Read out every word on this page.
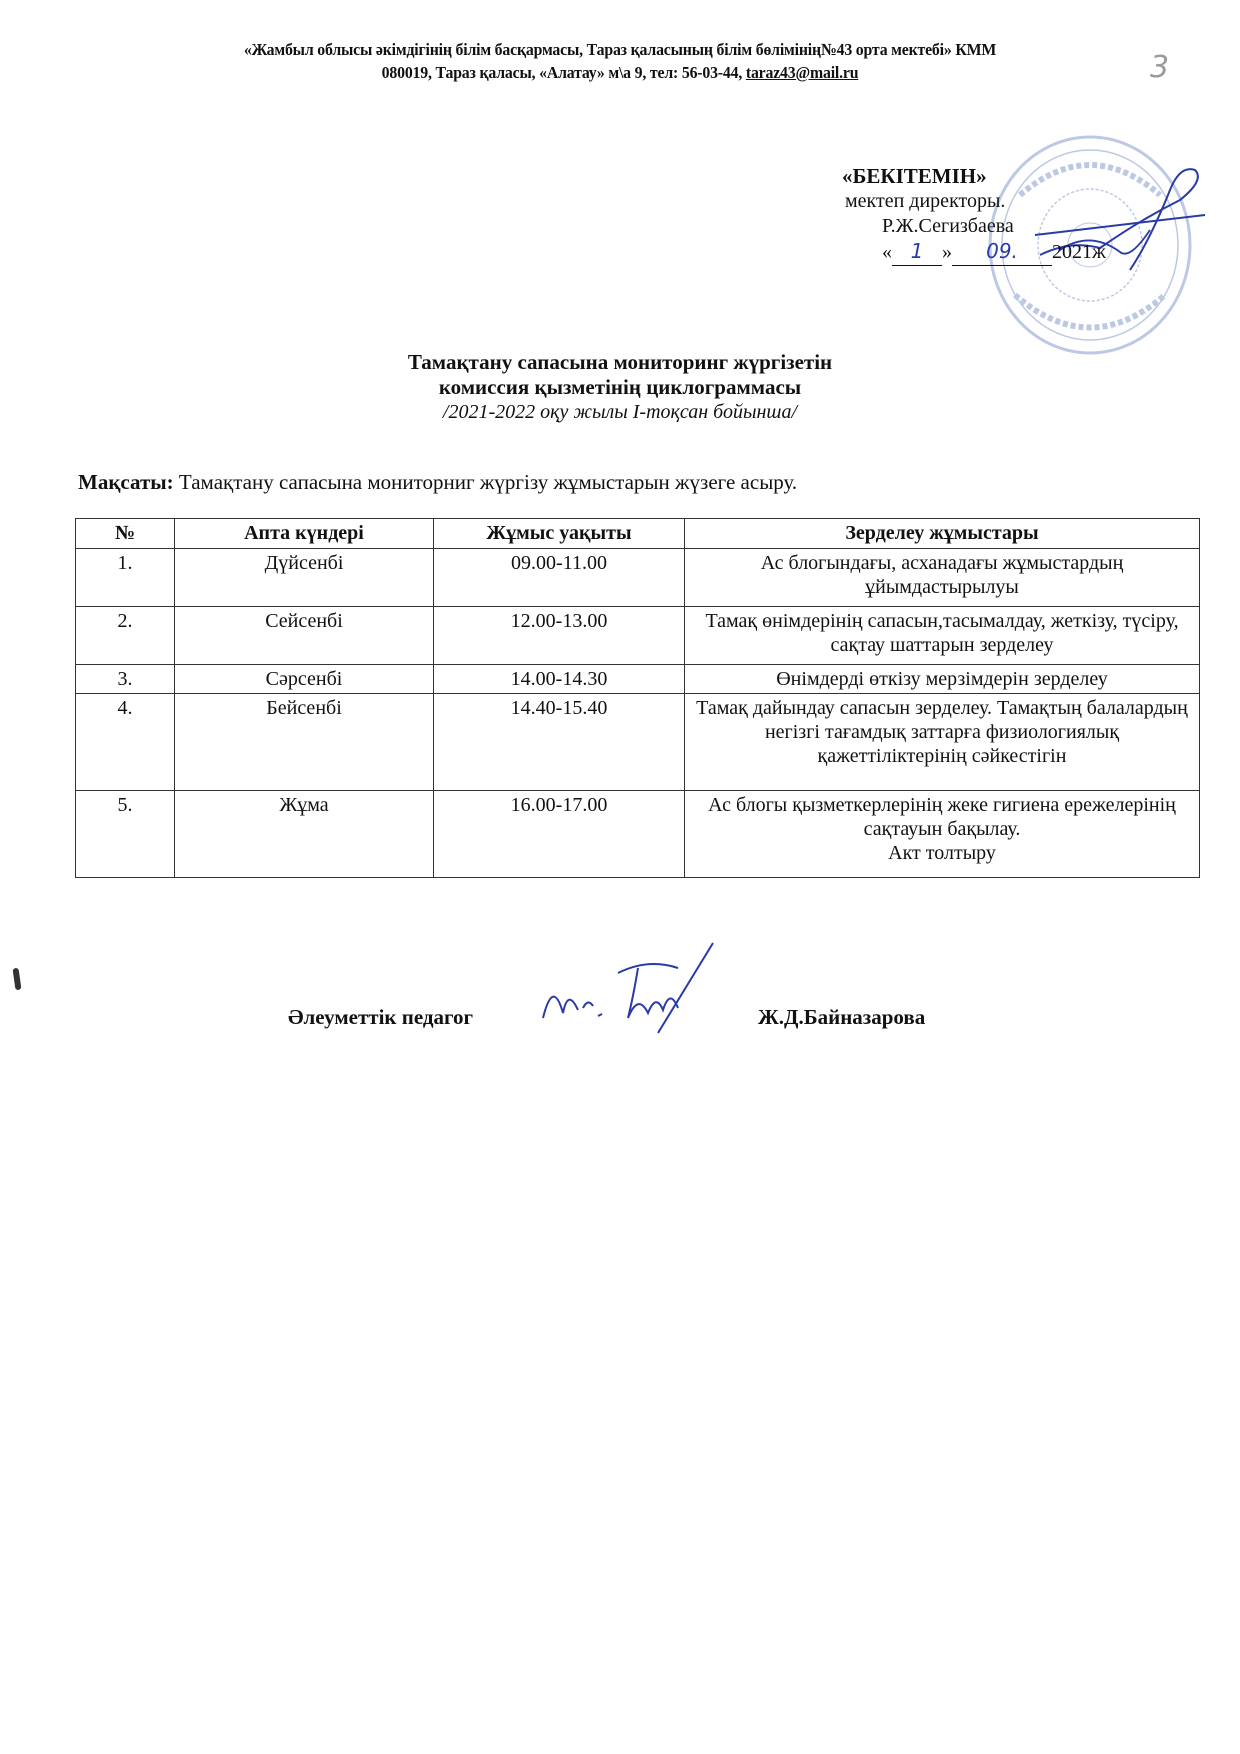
«Жамбыл облысы әкімдігінің білім басқармасы, Тараз қаласының білім бөлімінің№43 орта мектебі» КММ
080019, Тараз қаласы, «Алатау» м\а 9, тел: 56-03-44, taraz43@mail.ru	3
«БЕКІТЕМІН»
мектеп директоры.
Р.Ж.Сегизбаева
« 1 » 09. 2021ж
Тамақтану сапасына мониторинг жүргізетін
комиссия қызметінің циклограммасы
/2021-2022 оқу жылы І-тоқсан бойынша/
Мақсаты: Тамақтану сапасына мониторниг жүргізу жұмыстарын жүзеге асыру.
№	Апта күндері	Жұмыс уақыты	Зерделеу жұмыстары
1.	Дүйсенбі	09.00-11.00	Ас блогындағы, асханадағы жұмыстардың ұйымдастырылуы
2.	Сейсенбі	12.00-13.00	Тамақ өнімдерінің сапасын,тасымалдау, жеткізу, түсіру, сақтау шаттарын зерделеу
3.	Сәрсенбі	14.00-14.30	Өнімдерді өткізу мерзімдерін зерделеу
4.	Бейсенбі	14.40-15.40	Тамақ дайындау сапасын зерделеу. Тамақтың балалардың негізгі тағамдық заттарға физиологиялық қажеттіліктерінің сәйкестігін
5.	Жұма	16.00-17.00	Ас блогы қызметкерлерінің жеке гигиена ережелерінің сақтауын бақылау.
Акт толтыру
Әлеуметтік педагог	Ж.Д.Байназарова
